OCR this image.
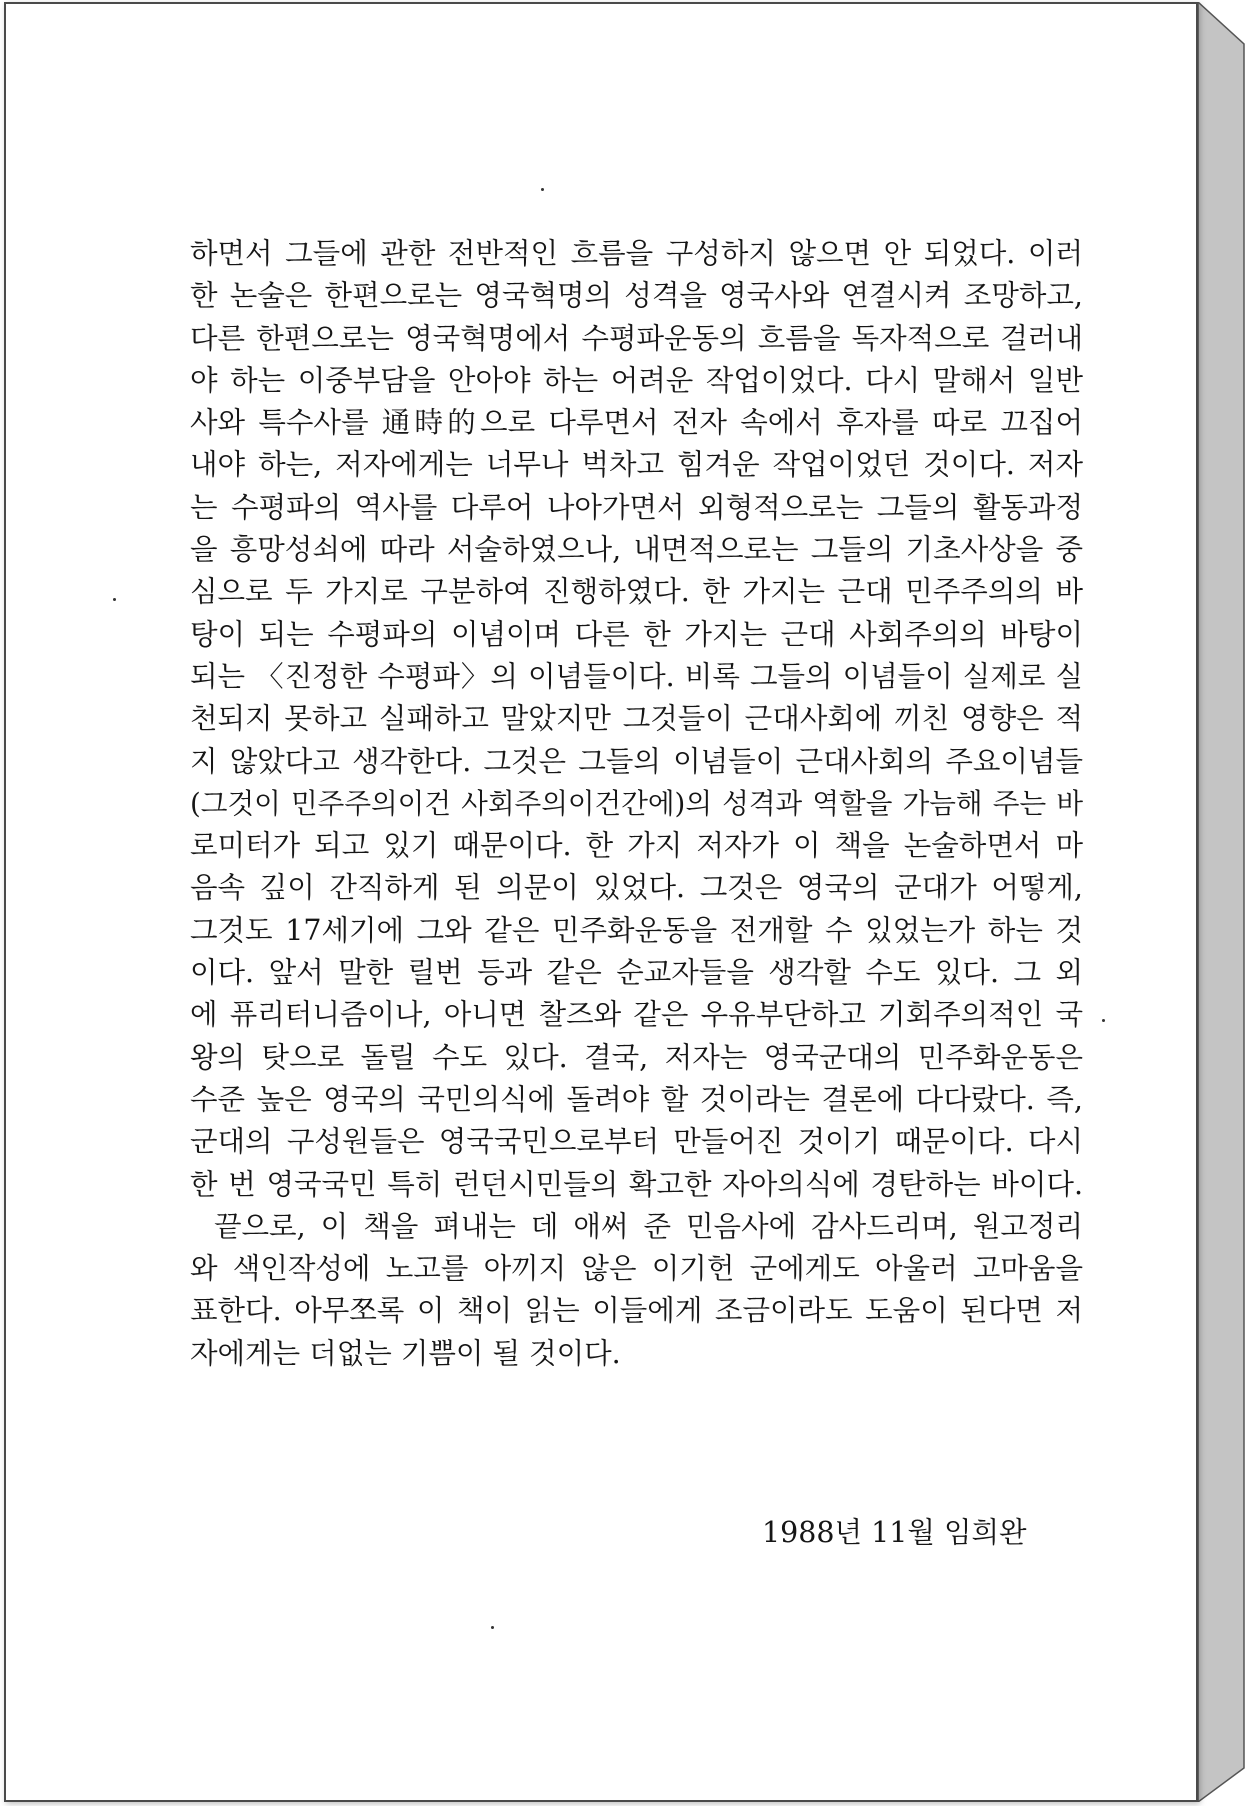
하면서 그들에 관한 전반적인 흐름을 구성하지 않으면 안 되었다. 이러
한 논술은 한편으로는 영국혁명의 성격을 영국사와 연결시켜 조망하고,
다른 한편으로는 영국혁명에서 수평파운동의 흐름을 독자적으로 걸러내
야 하는 이중부담을 안아야 하는 어려운 작업이었다. 다시 말해서 일반
사와 특수사를 通時的으로 다루면서 전자 속에서 후자를 따로 끄집어
내야 하는, 저자에게는 너무나 벅차고 힘겨운 작업이었던 것이다. 저자
는 수평파의 역사를 다루어 나아가면서 외형적으로는 그들의 활동과정
을 흥망성쇠에 따라 서술하였으나, 내면적으로는 그들의 기초사상을 중
심으로 두 가지로 구분하여 진행하였다. 한 가지는 근대 민주주의의 바
탕이 되는 수평파의 이념이며 다른 한 가지는 근대 사회주의의 바탕이
되는 〈진정한 수평파〉의 이념들이다. 비록 그들의 이념들이 실제로 실
천되지 못하고 실패하고 말았지만 그것들이 근대사회에 끼친 영향은 적
지 않았다고 생각한다. 그것은 그들의 이념들이 근대사회의 주요이념들
(그것이 민주주의이건 사회주의이건간에)의 성격과 역할을 가늠해 주는 바
로미터가 되고 있기 때문이다. 한 가지 저자가 이 책을 논술하면서 마
음속 깊이 간직하게 된 의문이 있었다. 그것은 영국의 군대가 어떻게,
그것도 17세기에 그와 같은 민주화운동을 전개할 수 있었는가 하는 것
이다. 앞서 말한 릴번 등과 같은 순교자들을 생각할 수도 있다. 그 외
에 퓨리터니즘이나, 아니면 찰즈와 같은 우유부단하고 기회주의적인 국
왕의 탓으로 돌릴 수도 있다. 결국, 저자는 영국군대의 민주화운동은
수준 높은 영국의 국민의식에 돌려야 할 것이라는 결론에 다다랐다. 즉,
군대의 구성원들은 영국국민으로부터 만들어진 것이기 때문이다. 다시
한 번 영국국민 특히 런던시민들의 확고한 자아의식에 경탄하는 바이다.
끝으로, 이 책을 펴내는 데 애써 준 민음사에 감사드리며, 원고정리
와 색인작성에 노고를 아끼지 않은 이기헌 군에게도 아울러 고마움을
표한다. 아무쪼록 이 책이 읽는 이들에게 조금이라도 도움이 된다면 저
자에게는 더없는 기쁨이 될 것이다.
1988년 11월 임희완
